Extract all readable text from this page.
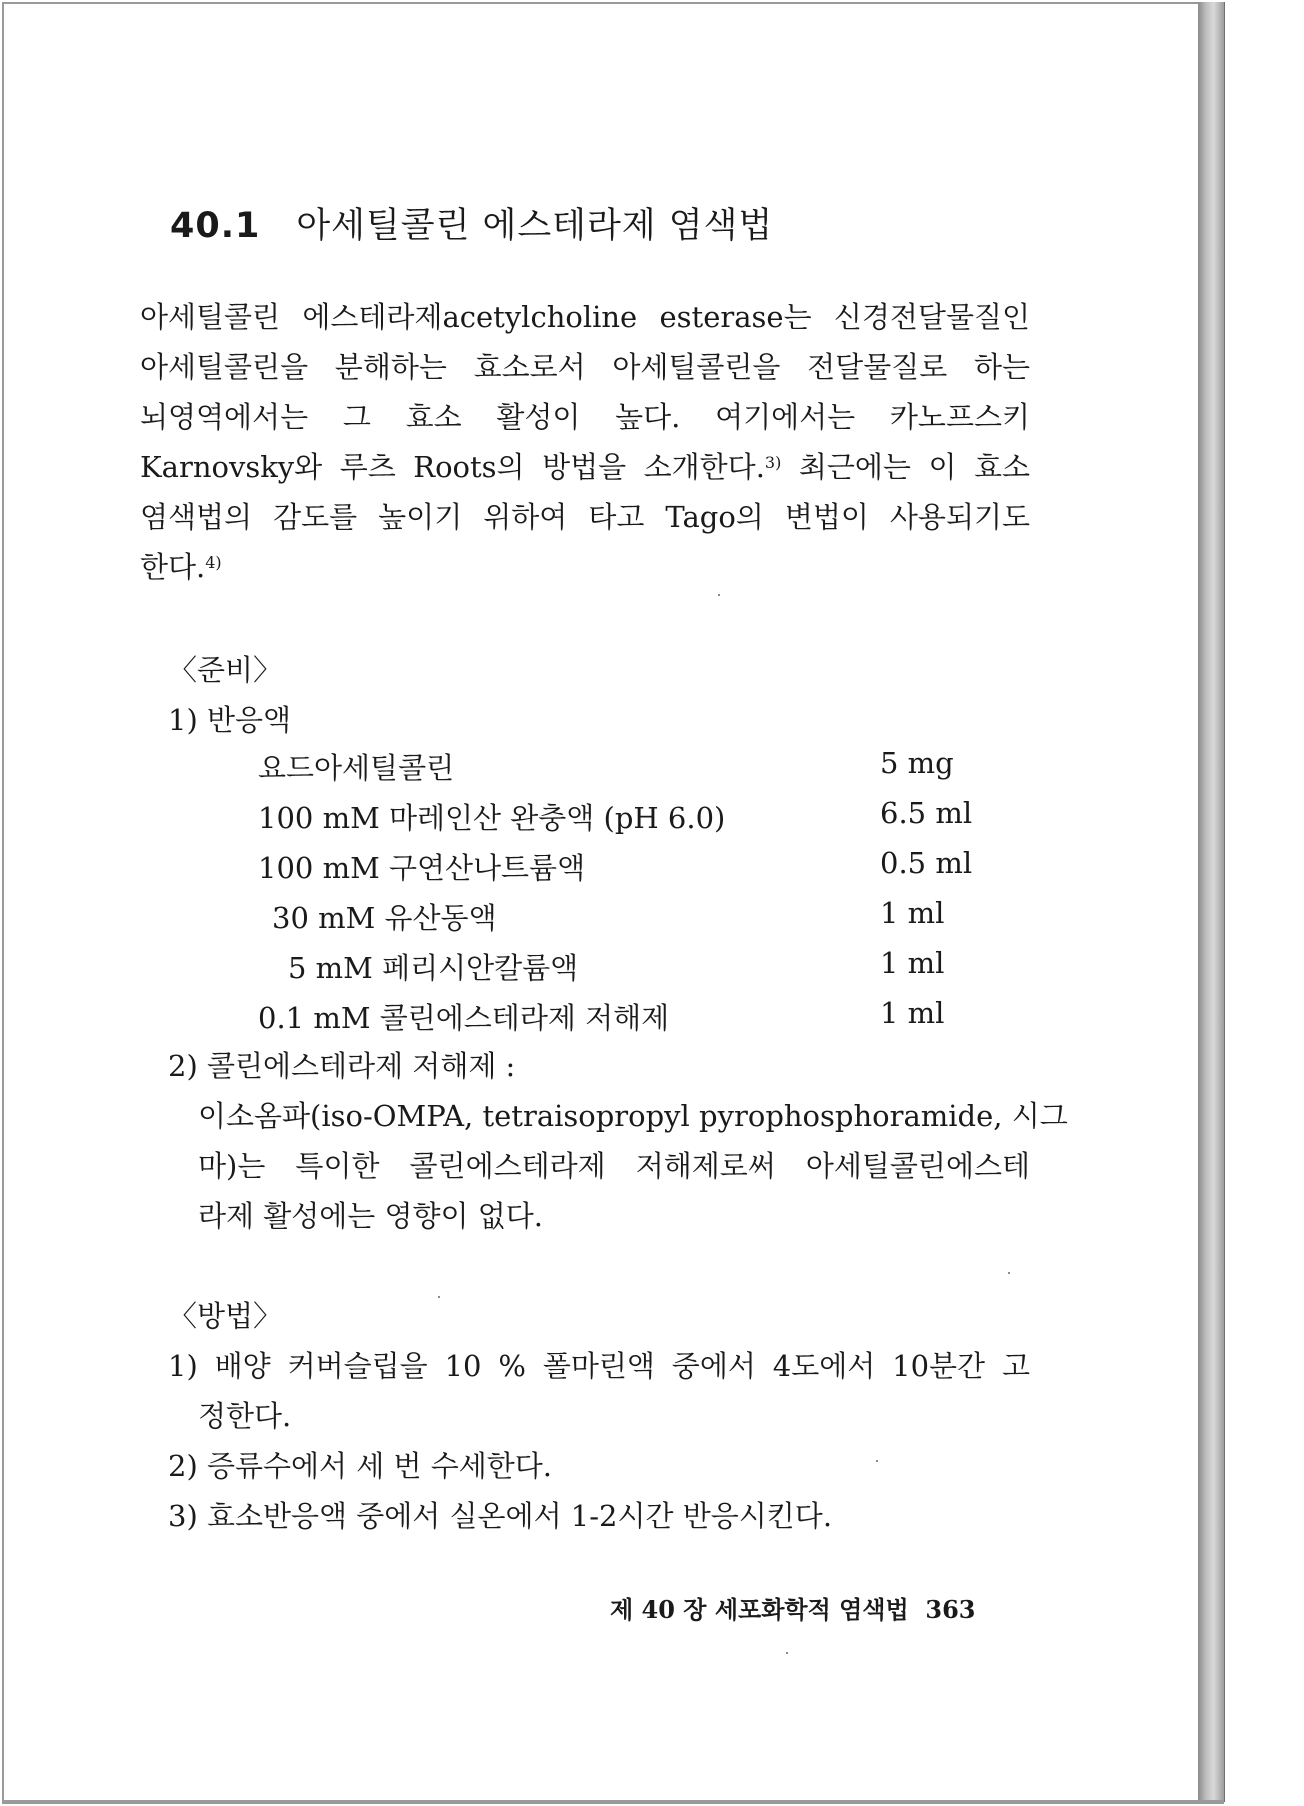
40.1 아세틸콜린 에스테라제 염색법
아세틸콜린 에스테라제acetylcholine esterase는 신경전달물질인
아세틸콜린을 분해하는 효소로서 아세틸콜린을 전달물질로 하는
뇌영역에서는 그 효소 활성이 높다. 여기에서는 카노프스키
Karnovsky와 루츠 Roots의 방법을 소개한다.$^{3)}$ 최근에는 이 효소
염색법의 감도를 높이기 위하여 타고 Tago의 변법이 사용되기도
한다.$^{4)}$
〈준비〉
1) 반응액
요드아세틸콜린	5 mg
100 mM 마레인산 완충액 (pH 6.0)	6.5 ml
100 mM 구연산나트륨액	0.5 ml
30 mM 유산동액	1 ml
5 mM 페리시안칼륨액	1 ml
0.1 mM 콜린에스테라제 저해제	1 ml
2) 콜린에스테라제 저해제 :
이소옴파(iso-OMPA, tetraisopropyl pyrophosphoramide, 시그
마)는 특이한 콜린에스테라제 저해제로써 아세틸콜린에스테
라제 활성에는 영향이 없다.
〈방법〉
1) 배양 커버슬립을 10 % 폴마린액 중에서 4도에서 10분간 고
정한다.
2) 증류수에서 세 번 수세한다.
3) 효소반응액 중에서 실온에서 1-2시간 반응시킨다.
제 40 장 세포화학적 염색법 363
